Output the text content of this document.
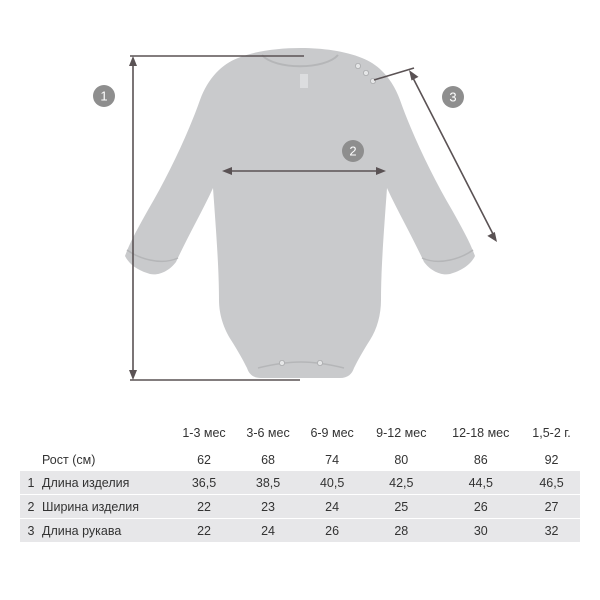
1
2
3
		1-3 мес	3-6 мес	6-9 мес	9-12 мес	12-18 мес	1,5-2 г.
	Рост (см)	62	68	74	80	86	92
1	Длина изделия	36,5	38,5	40,5	42,5	44,5	46,5
2	Ширина изделия	22	23	24	25	26	27
3	Длина рукава	22	24	26	28	30	32
